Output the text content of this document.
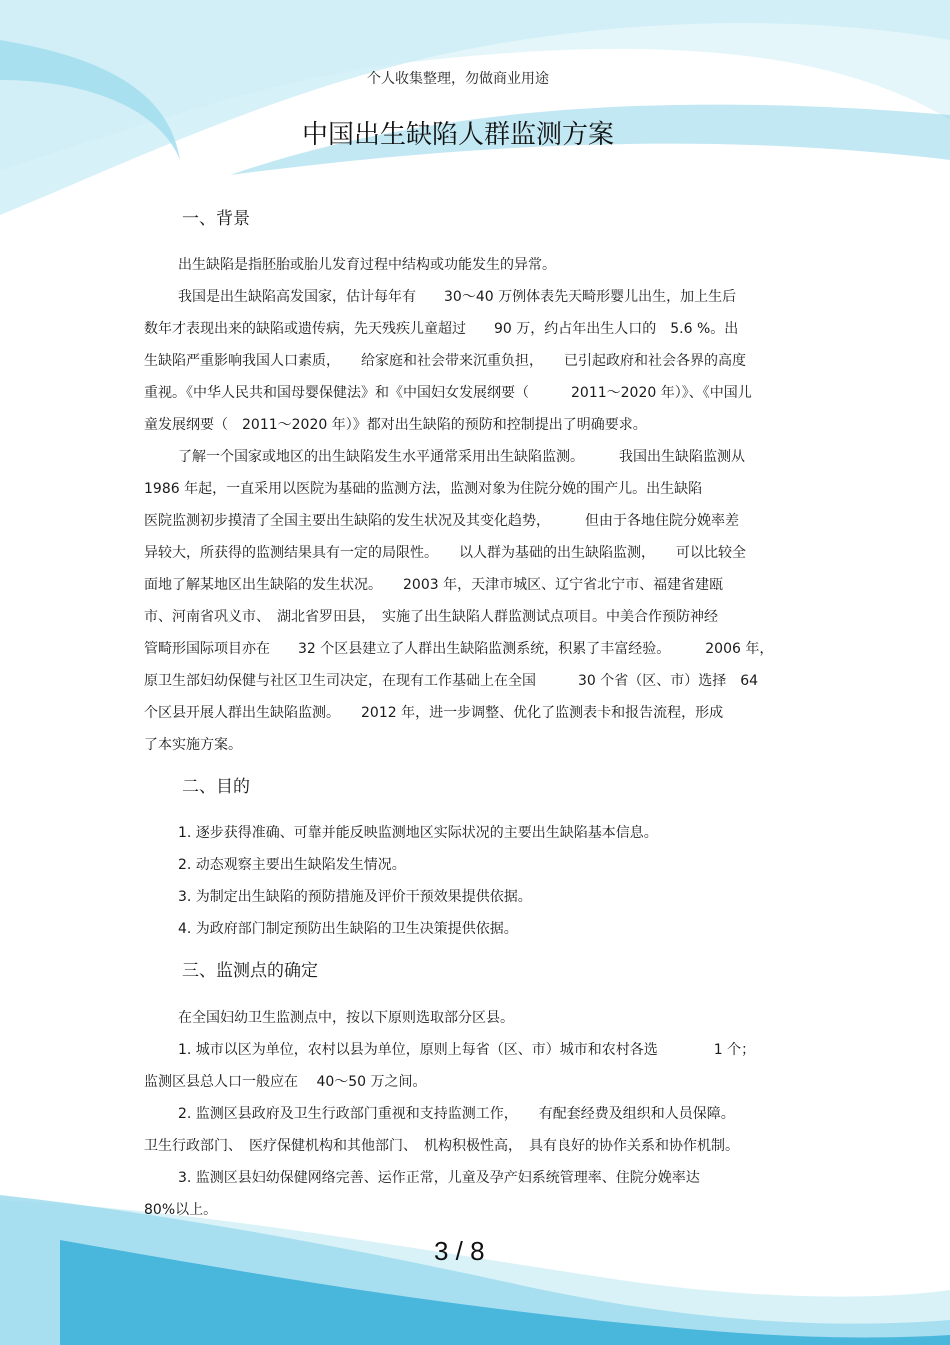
个人收集整理，勿做商业用途
中国出生缺陷人群监测方案
一、背景
出生缺陷是指胚胎或胎儿发育过程中结构或功能发生的异常。
我国是出生缺陷高发国家，估计每年有　　30～40 万例体表先天畸形婴儿出生，加上生后
数年才表现出来的缺陷或遗传病，先天残疾儿童超过　　90 万，约占年出生人口的　5.6 %。出
生缺陷严重影响我国人口素质，　　给家庭和社会带来沉重负担，　　已引起政府和社会各界的高度
重视。《中华人民共和国母婴保健法》和《中国妇女发展纲要（　　　2011～2020 年）》、《中国儿
童发展纲要（　2011～2020 年）》都对出生缺陷的预防和控制提出了明确要求。
了解一个国家或地区的出生缺陷发生水平通常采用出生缺陷监测。　　　我国出生缺陷监测从
1986 年起，一直采用以医院为基础的监测方法，监测对象为住院分娩的围产儿。出生缺陷
医院监测初步摸清了全国主要出生缺陷的发生状况及其变化趋势，　　　但由于各地住院分娩率差
异较大，所获得的监测结果具有一定的局限性。　　以人群为基础的出生缺陷监测，　　可以比较全
面地了解某地区出生缺陷的发生状况。　　2003 年，天津市城区、辽宁省北宁市、福建省建瓯
市、河南省巩义市、　湖北省罗田县，　实施了出生缺陷人群监测试点项目。中美合作预防神经
管畸形国际项目亦在　　32 个区县建立了人群出生缺陷监测系统，积累了丰富经验。　　　2006 年，
原卫生部妇幼保健与社区卫生司决定，在现有工作基础上在全国　　　30 个省（区、市）选择　64
个区县开展人群出生缺陷监测。　　2012 年，进一步调整、优化了监测表卡和报告流程，形成
了本实施方案。
二、目的
1. 逐步获得准确、可靠并能反映监测地区实际状况的主要出生缺陷基本信息。
2. 动态观察主要出生缺陷发生情况。
3. 为制定出生缺陷的预防措施及评价干预效果提供依据。
4. 为政府部门制定预防出生缺陷的卫生决策提供依据。
三、监测点的确定
在全国妇幼卫生监测点中，按以下原则选取部分区县。
1. 城市以区为单位，农村以县为单位，原则上每省（区、市）城市和农村各选　　　　1 个；
监测区县总人口一般应在　 40～50 万之间。
2. 监测区县政府及卫生行政部门重视和支持监测工作，　　有配套经费及组织和人员保障。
卫生行政部门、　医疗保健机构和其他部门、　机构积极性高，　具有良好的协作关系和协作机制。
3. 监测区县妇幼保健网络完善、运作正常，儿童及孕产妇系统管理率、住院分娩率达
80%以上。
3 / 8
